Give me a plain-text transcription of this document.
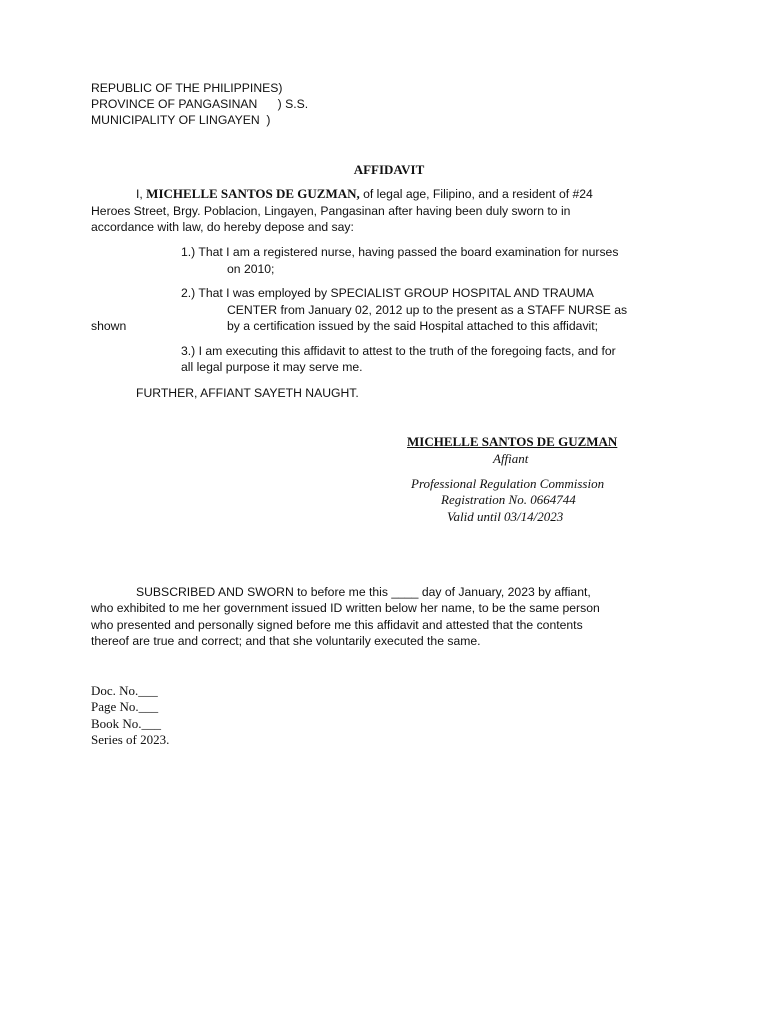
REPUBLIC OF THE PHILIPPINES)
PROVINCE OF PANGASINAN      ) S.S.
MUNICIPALITY OF LINGAYEN  )
AFFIDAVIT
I, MICHELLE SANTOS DE GUZMAN, of legal age, Filipino, and a resident of #24
Heroes Street, Brgy. Poblacion, Lingayen, Pangasinan after having been duly sworn to in
accordance with law, do hereby depose and say:
1.) That I am a registered nurse, having passed the board examination for nurses
on 2010;
2.) That I was employed by SPECIALIST GROUP HOSPITAL AND TRAUMA
CENTER from January 02, 2012 up to the present as a STAFF NURSE as
shown	by a certification issued by the said Hospital attached to this affidavit;
3.) I am executing this affidavit to attest to the truth of the foregoing facts, and for
all legal purpose it may serve me.
FURTHER, AFFIANT SAYETH NAUGHT.
MICHELLE SANTOS DE GUZMAN
Affiant
Professional Regulation Commission
Registration No. 0664744
Valid until 03/14/2023
SUBSCRIBED AND SWORN to before me this ____ day of January, 2023 by affiant,
who exhibited to me her government issued ID written below her name, to be the same person
who presented and personally signed before me this affidavit and attested that the contents
thereof are true and correct; and that she voluntarily executed the same.
Doc. No.___
Page No.___
Book No.___
Series of 2023.
